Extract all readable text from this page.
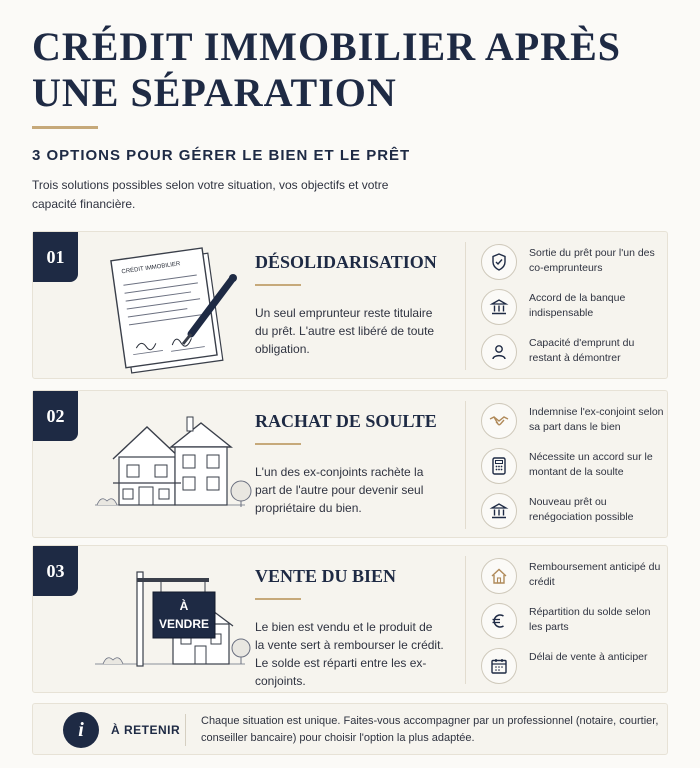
CRÉDIT IMMOBILIER APRÈS UNE SÉPARATION
3 OPTIONS POUR GÉRER LE BIEN ET LE PRÊT

Trois solutions possibles selon votre situation, vos objectifs et votre capacité financière.

01
CRÉDIT IMMOBILIER	DÉSOLIDARISATION

Un seul emprunteur reste titulaire du prêt. L'autre est libéré de toute obligation.

Sortie du prêt pour l'un des co-emprunteurs
Accord de la banque indispensable
Capacité d'emprunt du restant à démontrer
02	RACHAT DE SOULTE

L'un des ex-conjoints rachète la part de l'autre pour devenir seul propriétaire du bien.

Indemnise l'ex-conjoint selon sa part dans le bien
Nécessite un accord sur le montant de la soulte
Nouveau prêt ou renégociation possible
03
À
VENDRE
VENTE DU BIEN

Le bien est vendu et le produit de la vente sert à rembourser le crédit. Le solde est réparti entre les ex-conjoints.

Remboursement anticipé du crédit
Répartition du solde selon les parts
Délai de vente à anticiper
i	À RETENIR

Chaque situation est unique. Faites-vous accompagner par un professionnel (notaire, courtier, conseiller bancaire) pour choisir l'option la plus adaptée.
